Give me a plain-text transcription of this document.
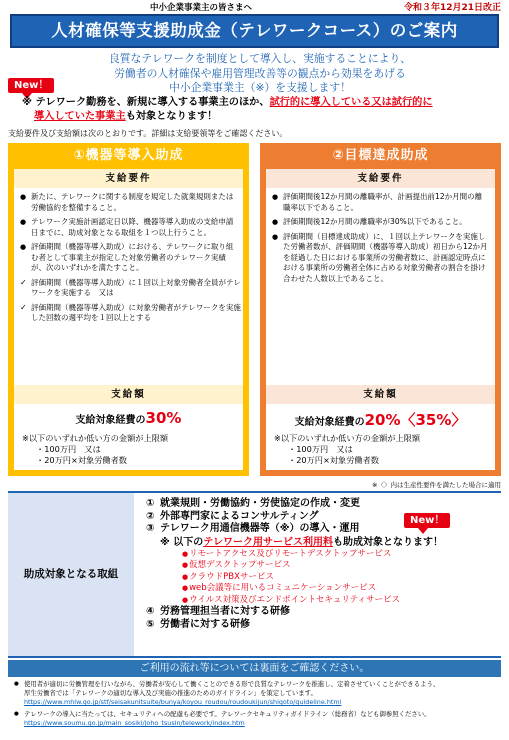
中小企業事業主の皆さまへ	令和３年12月21日改正
人材確保等支援助成金（テレワークコース）のご案内
良質なテレワークを制度として導入し、実施することにより、
労働者の人材確保や雇用管理改善等の観点から効果をあげる
中小企業事業主（※）を支援します！
New！
※ テレワーク勤務を、新規に導入する事業主のほか、試行的に導入している又は試行的に
導入していた事業主も対象となります！
支給要件及び支給額は次のとおりです。詳細は支給要領等をご確認ください。
①機器等導入助成
支給要件
● 新たに、テレワークに関する制度を規定した就業規則または労働協約を整備すること。
● テレワーク実施計画認定日以降、機器等導入助成の支給申請日までに、助成対象となる取組を１つ以上行うこと。
● 評価期間（機器等導入助成）における、テレワークに取り組む者として事業主が指定した対象労働者のテレワーク実績が、次のいずれかを満たすこと。
✓ 評価期間（機器等導入助成）に１回以上対象労働者全員がテレワークを実施する　又は
✓ 評価期間（機器等導入助成）に対象労働者がテレワークを実施した回数の週平均を１回以上とする
支給額
支給対象経費の30%
※以下のいずれか低い方の金額が上限額
・100万円　又は
・20万円×対象労働者数
②目標達成助成
支給要件
● 評価期間後12か月間の離職率が、計画提出前12か月間の離職率以下であること。
● 評価期間後12か月間の離職率が30%以下であること。
● 評価期間（目標達成助成）に、１回以上テレワークを実施した労働者数が、評価期間（機器等導入助成）初日から12か月を経過した日における事業所の労働者数に、計画認定時点における事業所の労働者全体に占める対象労働者の割合を掛け合わせた人数以上であること。
支給額
支給対象経費の20%〈35%〉
※以下のいずれか低い方の金額が上限額
・100万円　又は
・20万円×対象労働者数
※〈〉内は生産性要件を満たした場合に適用
助成対象となる取組
① 就業規則・労働協約・労使協定の作成・変更
② 外部専門家によるコンサルティング
③ テレワーク用通信機器等（※）の導入・運用
※ 以下のテレワーク用サービス利用料も助成対象となります！
● リモートアクセス及びリモートデスクトップサービス
● 仮想デスクトップサービス
● クラウドPBXサービス
● web会議等に用いるコミュニケーションサービス
● ウイルス対策及びエンドポイントセキュリティサービス
④ 労務管理担当者に対する研修
⑤ 労働者に対する研修
New！
ご利用の流れ等については裏面をご確認ください。
● 使用者が適切に労働管理を行いながら、労働者が安心して働くことのできる形で良質なテレワークを推進し、定着させていくことができるよう、
厚生労働省では「テレワークの適切な導入及び実施の推進のためのガイドライン」を策定しています。
https://www.mhlw.go.jp/stf/seisakunitsuite/bunya/koyou_roudou/roudoukijun/shigoto/guideline.html
● テレワークの導入に当たっては、セキュリティへの配慮も必要です。テレワークセキュリティガイドライン（総務省）なども御参照ください。
https://www.soumu.go.jp/main_sosiki/joho_tsusin/telework/index.htm
